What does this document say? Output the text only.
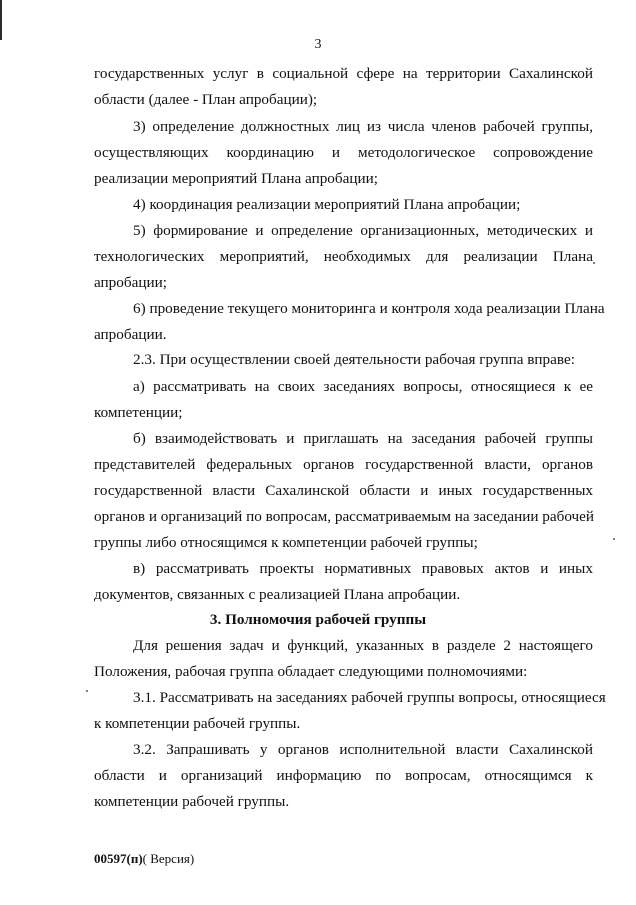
3
государственных услуг в социальной сфере на территории Сахалинской
области (далее - План апробации);
3) определение должностных лиц из числа членов рабочей группы,
осуществляющих координацию и методологическое сопровождение
реализации мероприятий Плана апробации;
4) координация реализации мероприятий Плана апробации;
5) формирование и определение организационных, методических и
технологических мероприятий, необходимых для реализации Плана
апробации;
6) проведение текущего мониторинга и контроля хода реализации Плана
апробации.
2.3. При осуществлении своей деятельности рабочая группа вправе:
а) рассматривать на своих заседаниях вопросы, относящиеся к ее
компетенции;
б) взаимодействовать и приглашать на заседания рабочей группы
представителей федеральных органов государственной власти, органов
государственной власти Сахалинской области и иных государственных
органов и организаций по вопросам, рассматриваемым на заседании рабочей
группы либо относящимся к компетенции рабочей группы;
в) рассматривать проекты нормативных правовых актов и иных
документов, связанных с реализацией Плана апробации.
3. Полномочия рабочей группы
Для решения задач и функций, указанных в разделе 2 настоящего
Положения, рабочая группа обладает следующими полномочиями:
3.1. Рассматривать на заседаниях рабочей группы вопросы, относящиеся
к компетенции рабочей группы.
3.2. Запрашивать у органов исполнительной власти Сахалинской
области и организаций информацию по вопросам, относящимся к
компетенции рабочей группы.
00597(п)( Версия)
